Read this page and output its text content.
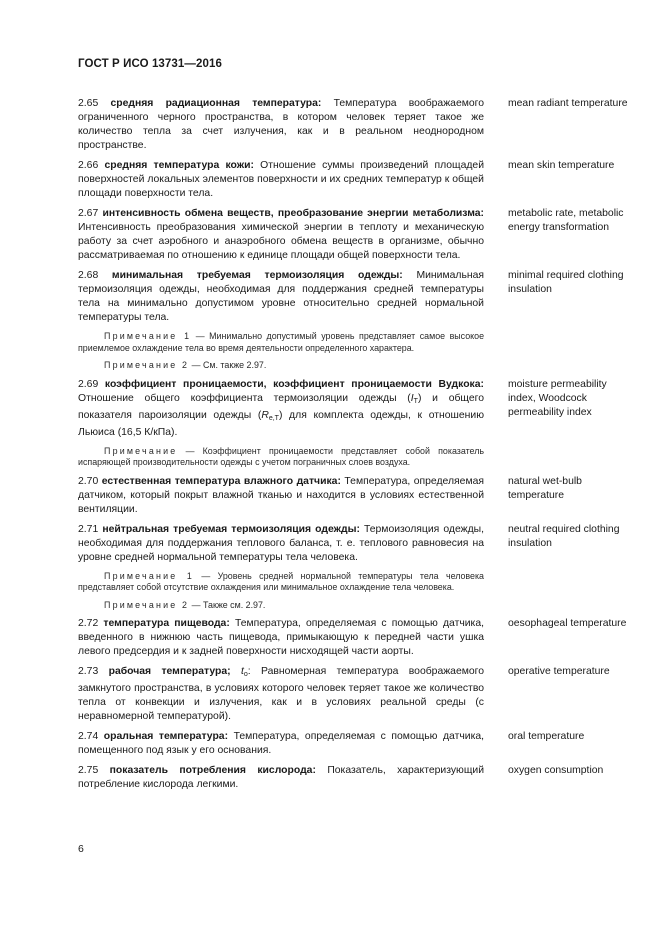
ГОСТ Р ИСО 13731—2016
2.65 средняя радиационная температура: Температура воображаемого ограниченного черного пространства, в котором человек теряет такое же количество тепла за счет излучения, как и в реальном неоднородном пространстве.
mean radiant temperature
2.66 средняя температура кожи: Отношение суммы произведений площадей поверхностей локальных элементов поверхности и их средних температур к общей площади поверхности тела.
mean skin temperature
2.67 интенсивность обмена веществ, преобразование энергии метаболизма: Интенсивность преобразования химической энергии в теплоту и механическую работу за счет аэробного и анаэробного обмена веществ в организме, обычно рассматриваемая по отношению к единице площади общей поверхности тела.
metabolic rate, metabolic energy transformation
2.68 минимальная требуемая термоизоляция одежды: Минимальная термоизоляция одежды, необходимая для поддержания средней температуры тела на минимально допустимом уровне относительно средней нормальной температуры тела.
minimal required clothing insulation
Примечание 1 — Минимально допустимый уровень представляет самое высокое приемлемое охлаждение тела во время деятельности определенного характера.
Примечание 2 — См. также 2.97.
2.69 коэффициент проницаемости, коэффициент проницаемости Вудкока: Отношение общего коэффициента термоизоляции одежды $(I_T)$ и общего показателя пароизоляции одежды $(R_{e,T})$ для комплекта одежды, к отношению Льюиса (16,5 К/кПа).
moisture permeability index, Woodcock permeability index
Примечание — Коэффициент проницаемости представляет собой показатель испаряющей производительности одежды с учетом пограничных слоев воздуха.
2.70 естественная температура влажного датчика: Температура, определяемая датчиком, который покрыт влажной тканью и находится в условиях естественной вентиляции.
natural wet-bulb temperature
2.71 нейтральная требуемая термоизоляция одежды: Термоизоляция одежды, необходимая для поддержания теплового баланса, т. е. теплового равновесия на уровне средней нормальной температуры тела человека.
neutral required clothing insulation
Примечание 1 — Уровень средней нормальной температуры тела человека представляет собой отсутствие охлаждения или минимальное охлаждение тела человека.
Примечание 2 — Также см. 2.97.
2.72 температура пищевода: Температура, определяемая с помощью датчика, введенного в нижнюю часть пищевода, примыкающую к передней части ушка левого предсердия и к задней поверхности нисходящей части аорты.
oesophageal temperature
2.73 рабочая температура; $t_o$: Равномерная температура воображаемого замкнутого пространства, в условиях которого человек теряет такое же количество тепла от конвекции и излучения, как и в условиях реальной среды (с неравномерной температурой).
operative temperature
2.74 оральная температура: Температура, определяемая с помощью датчика, помещенного под язык у его основания.
oral temperature
2.75 показатель потребления кислорода: Показатель, характеризующий потребление кислорода легкими.
oxygen consumption
6
